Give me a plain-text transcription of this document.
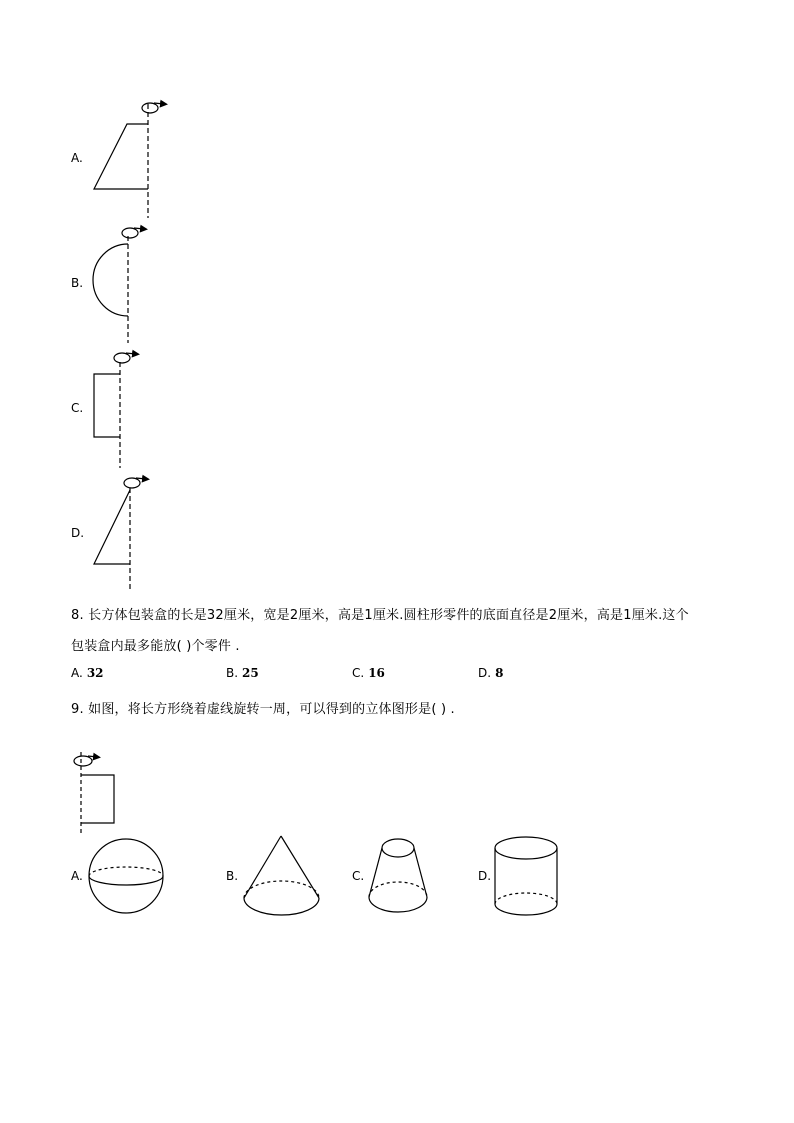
A.
B.
C.
D.
8. 长方体包装盒的长是32厘米，宽是2厘米，高是1厘米.圆柱形零件的底面直径是2厘米，高是1厘米.这个
包装盒内最多能放( )个零件 .
A. 32	B. 25	C. 16	D. 8
9. 如图，将长方形绕着虚线旋转一周，可以得到的立体图形是( ) .
A.	B.	C.	D.
